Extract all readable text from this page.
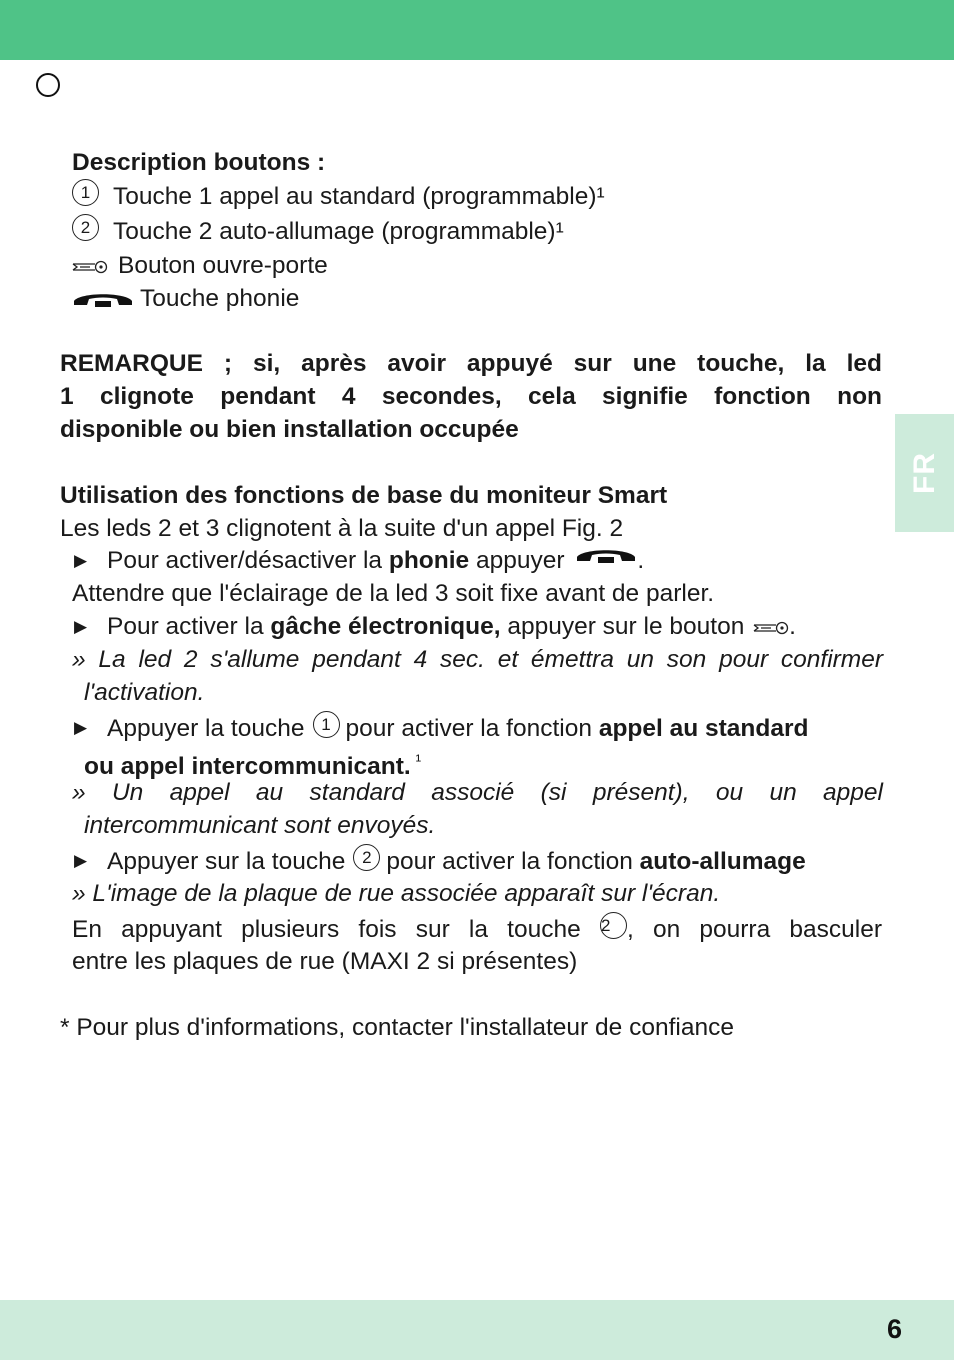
FR
Description boutons :
1 Touche 1 appel au standard (programmable)¹
2 Touche 2 auto-allumage (programmable)¹
Bouton ouvre-porte
Touche phonie
REMARQUE ; si, après avoir appuyé sur une touche, la led
1 clignote pendant 4 secondes, cela signifie fonction non
disponible ou bien installation occupée
Utilisation des fonctions de base du moniteur Smart
Les leds 2 et 3 clignotent à la suite d'un appel Fig. 2
▶ Pour activer/désactiver la phonie appuyer	.
Attendre que l'éclairage de la led 3 soit fixe avant de parler.
▶ Pour activer la gâche électronique, appuyer sur le bouton .
» La led 2 s'allume pendant 4 sec. et émettra un son pour confirmer
l'activation.
▶ Appuyer la touche 1 pour activer la fonction appel au standard
ou appel intercommunicant. $^{^1}$
» Un appel au standard associé (si présent), ou un appel
intercommunicant sont envoyés.
▶ Appuyer sur la touche 2 pour activer la fonction auto-allumage
» L'image de la plaque de rue associée apparaît sur l'écran.
En appuyant plusieurs fois sur la touche 2 , on pourra basculer
entre les plaques de rue (MAXI 2 si présentes)
* Pour plus d'informations, contacter l'installateur de confiance
6
